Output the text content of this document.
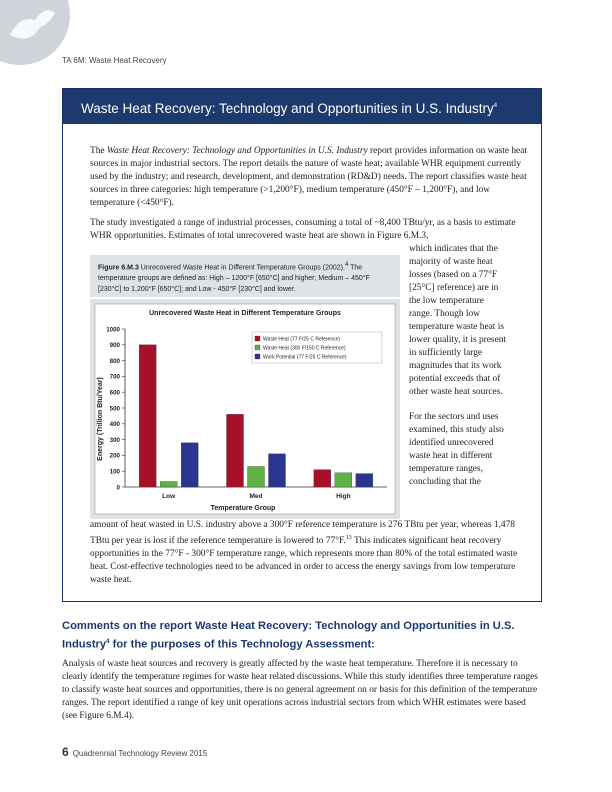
TA 6M: Waste Heat Recovery
Waste Heat Recovery: Technology and Opportunities in U.S. Industry$^4$

The Waste Heat Recovery: Technology and Opportunities in U.S. Industry report provides information on waste heat sources in major industrial sectors. The report details the nature of waste heat; available WHR equipment currently used by the industry; and research, development, and demonstration (RD&D) needs. The report classifies waste heat sources in three categories: high temperature (>1,200°F), medium temperature (450°F – 1,200°F), and low temperature (<450°F).

The study investigated a range of industrial processes, consuming a total of ~8,400 TBtu/yr, as a basis to estimate WHR opportunities. Estimates of total unrecovered waste heat are shown in Figure 6.M.3,

which indicates that the majority of waste heat losses (based on a 77°F [25°C] reference) are in the low temperature range. Though low temperature waste heat is lower quality, it is present in sufficiently large magnitudes that its work potential exceeds that of other waste heat sources.

For the sectors and uses examined, this study also identified unrecovered waste heat in different temperature ranges, concluding that the

Figure 6.M.3 Unrecovered Waste Heat in Different Temperature Groups (2002).$^4$ The temperature groups are defined as: High – 1200°F [650°C] and higher; Medium – 450°F [230°C] to 1,200°F [650°C]; and Low - 450°F [230°C] and lower.
Unrecovered Waste Heat in Different Temperature Groups
Temperature Group
Energy (Trillion Btu/Year)
0
100
200
300
400
500
600
700
800
900
1000
Low	Med	High
Waste Heat (77 F/25 C Reference)
Waste Heat (300 F/150 C Reference)
Work Potential (77 F/25 C Reference)

amount of heat wasted in U.S. industry above a 300°F reference temperature is 276 TBtu per year, whereas 1,478 TBtu per year is lost if the reference temperature is lowered to 77°F.$^{13}$ This indicates significant heat recovery opportunities in the 77°F - 300°F temperature range, which represents more than 80% of the total estimated waste heat. Cost-effective technologies need to be advanced in order to access the energy savings from low temperature waste heat.

Comments on the report Waste Heat Recovery: Technology and Opportunities in U.S. Industry$^4$ for the purposes of this Technology Assessment:

Analysis of waste heat sources and recovery is greatly affected by the waste heat temperature. Therefore it is necessary to clearly identify the temperature regimes for waste heat related discussions. While this study identifies three temperature ranges to classify waste heat sources and opportunities, there is no general agreement on or basis for this definition of the temperature ranges. The report identified a range of key unit operations across industrial sectors from which WHR estimates were based (see Figure 6.M.4).

6 Quadrennial Technology Review 2015
